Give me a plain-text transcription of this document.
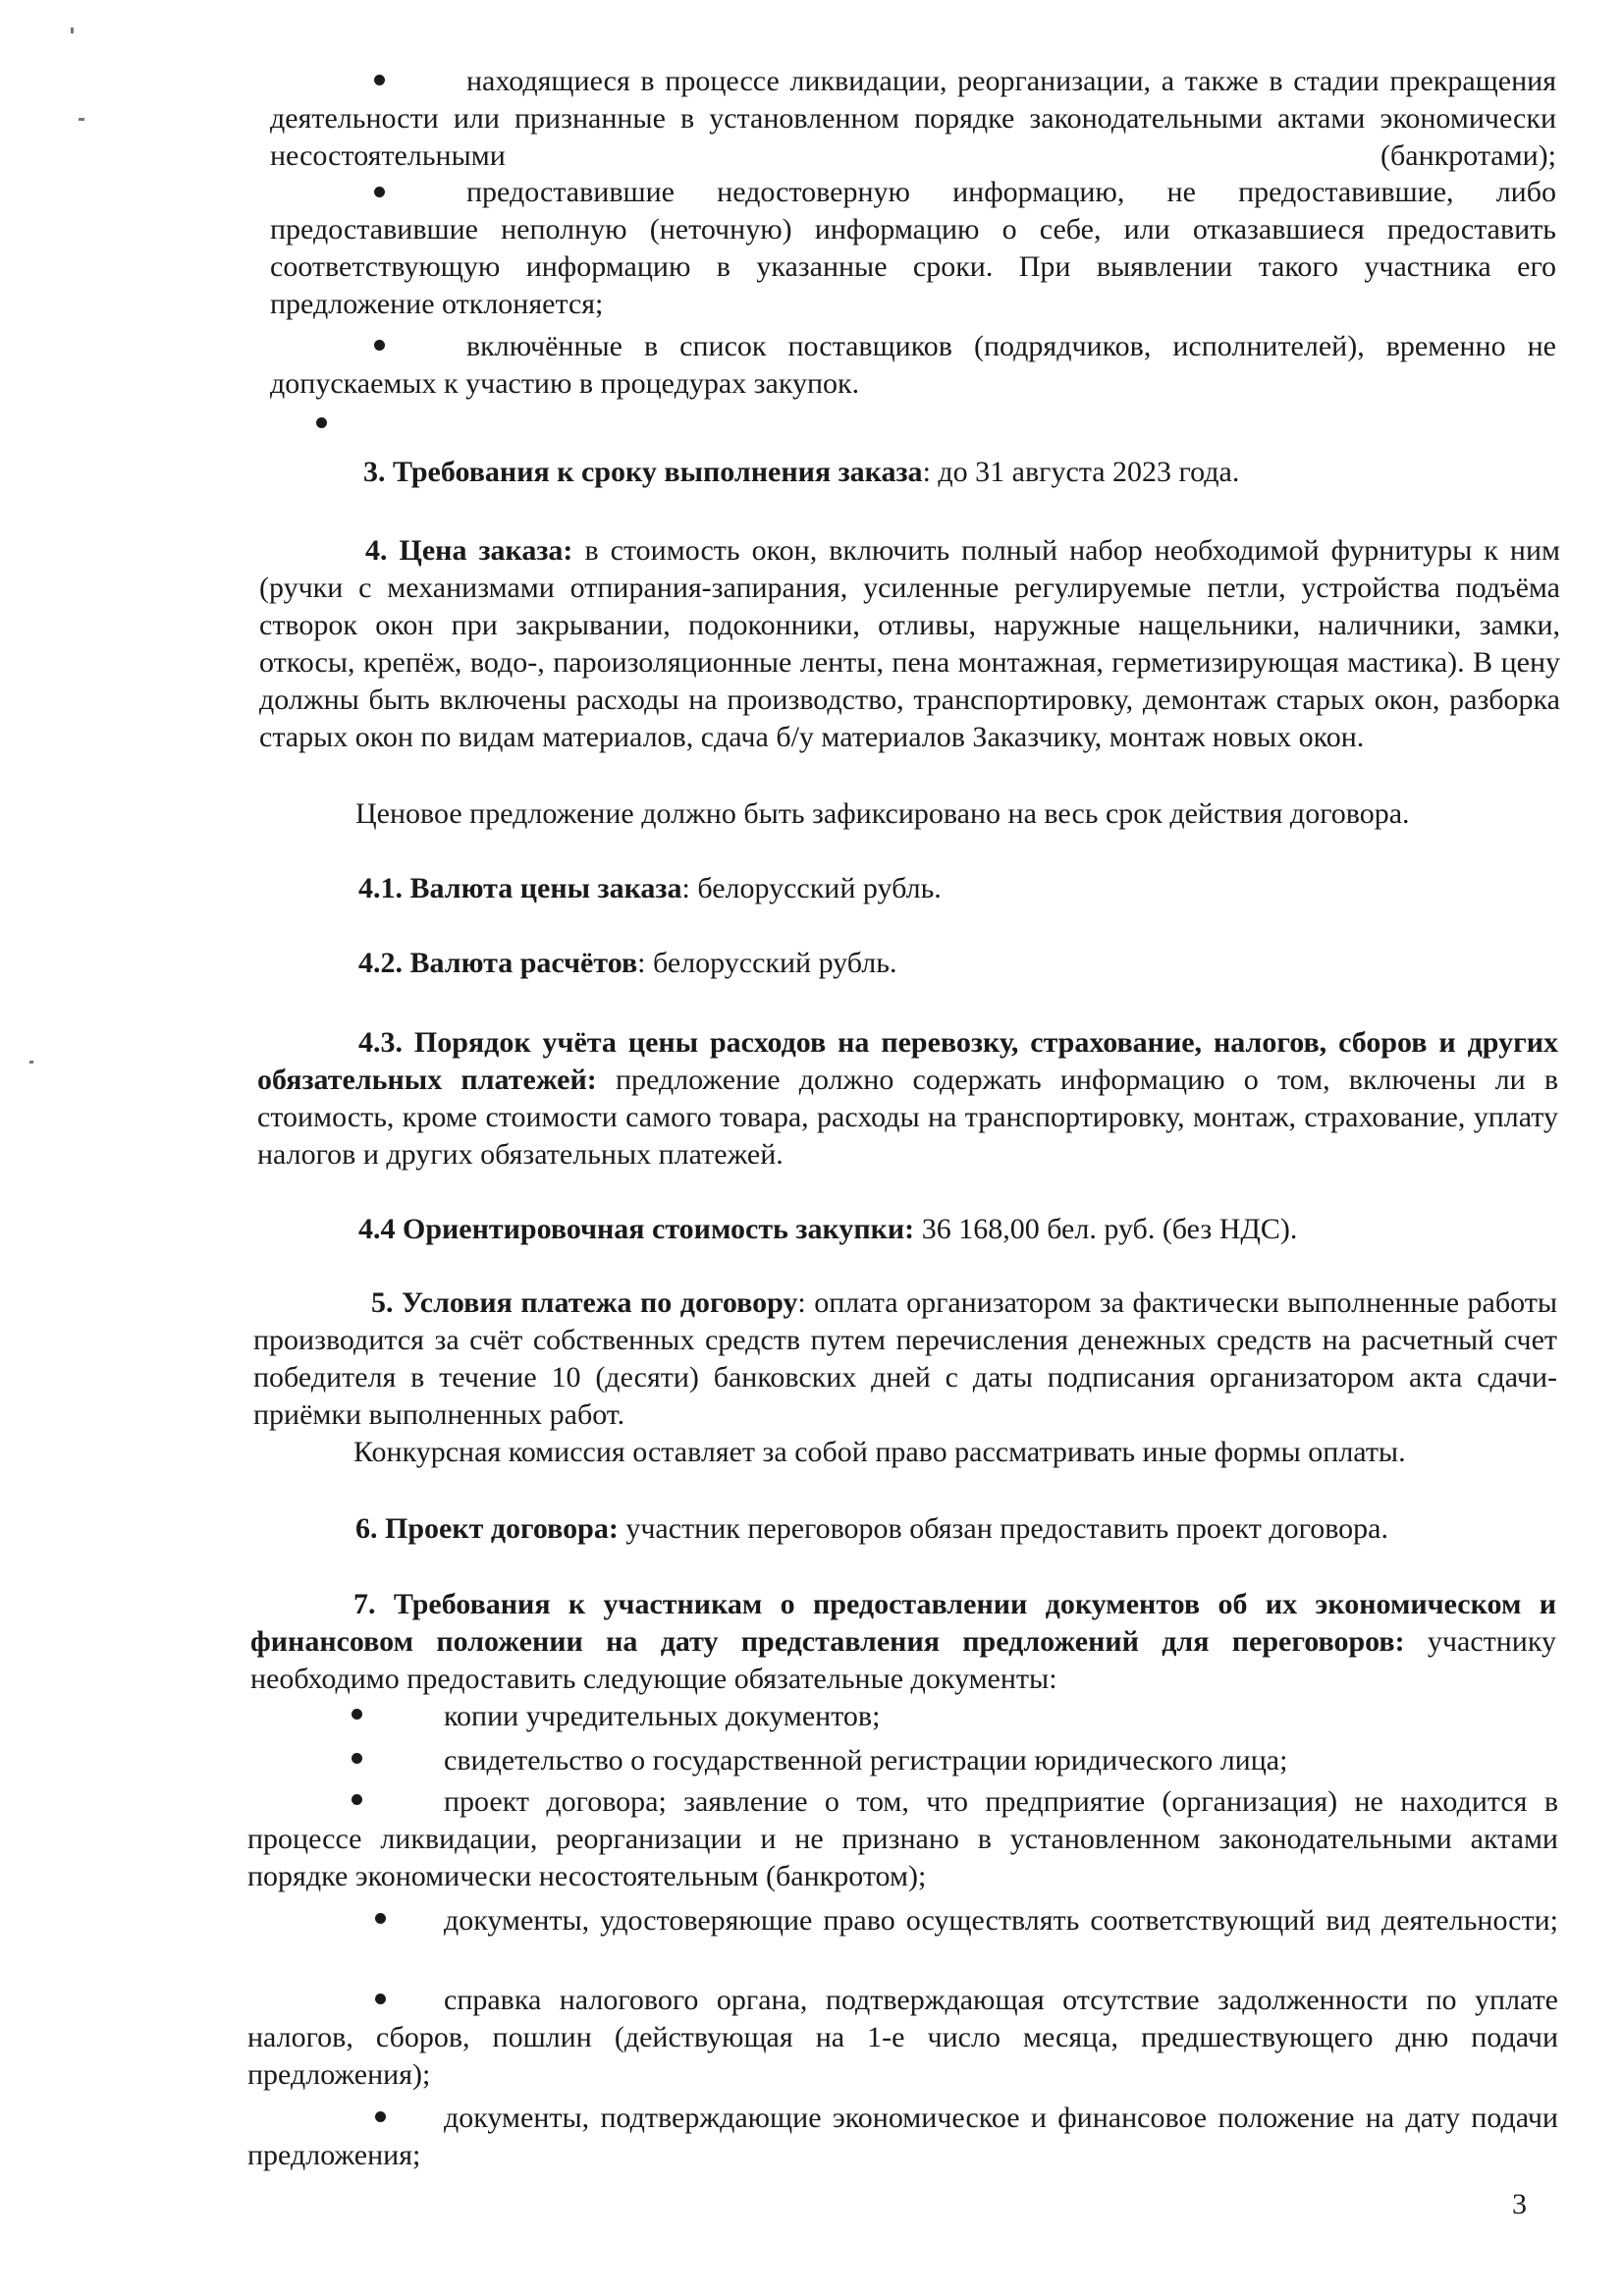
находящиеся в процессе ликвидации, реорганизации, а также в стадии прекращения деятельности или признанные в установленном порядке законодательными актами экономически несостоятельными (банкротами);
предоставившие недостоверную информацию, не предоставившие, либо предоставившие неполную (неточную) информацию о себе, или отказавшиеся предоставить соответствующую информацию в указанные сроки. При выявлении такого участника его предложение отклоняется;
включённые в список поставщиков (подрядчиков, исполнителей), временно не допускаемых к участию в процедурах закупок.
3. Требования к сроку выполнения заказа: до 31 августа 2023 года.
4. Цена заказа: в стоимость окон, включить полный набор необходимой фурнитуры к ним (ручки с механизмами отпирания-запирания, усиленные регулируемые петли, устройства подъёма створок окон при закрывании, подоконники, отливы, наружные нащельники, наличники, замки, откосы, крепёж, водо-, пароизоляционные ленты, пена монтажная, герметизирующая мастика). В цену должны быть включены расходы на производство, транспортировку, демонтаж старых окон, разборка старых окон по видам материалов, сдача б/у материалов Заказчику, монтаж новых окон.
Ценовое предложение должно быть зафиксировано на весь срок действия договора.
4.1. Валюта цены заказа: белорусский рубль.
4.2. Валюта расчётов: белорусский рубль.
4.3. Порядок учёта цены расходов на перевозку, страхование, налогов, сборов и других обязательных платежей: предложение должно содержать информацию о том, включены ли в стоимость, кроме стоимости самого товара, расходы на транспортировку, монтаж, страхование, уплату налогов и других обязательных платежей.
4.4 Ориентировочная стоимость закупки: 36 168,00 бел. руб. (без НДС).
5. Условия платежа по договору: оплата организатором за фактически выполненные работы производится за счёт собственных средств путем перечисления денежных средств на расчетный счет победителя в течение 10 (десяти) банковских дней с даты подписания организатором акта сдачи-приёмки выполненных работ.
Конкурсная комиссия оставляет за собой право рассматривать иные формы оплаты.
6. Проект договора: участник переговоров обязан предоставить проект договора.
7. Требования к участникам о предоставлении документов об их экономическом и финансовом положении на дату представления предложений для переговоров: участнику необходимо предоставить следующие обязательные документы:
копии учредительных документов;
свидетельство о государственной регистрации юридического лица;
проект договора; заявление о том, что предприятие (организация) не находится в процессе ликвидации, реорганизации и не признано в установленном законодательными актами порядке экономически несостоятельным (банкротом);
документы, удостоверяющие право осуществлять соответствующий вид деятельности;
справка налогового органа, подтверждающая отсутствие задолженности по уплате налогов, сборов, пошлин (действующая на 1-е число месяца, предшествующего дню подачи предложения);
документы, подтверждающие экономическое и финансовое положение на дату подачи предложения;
3
